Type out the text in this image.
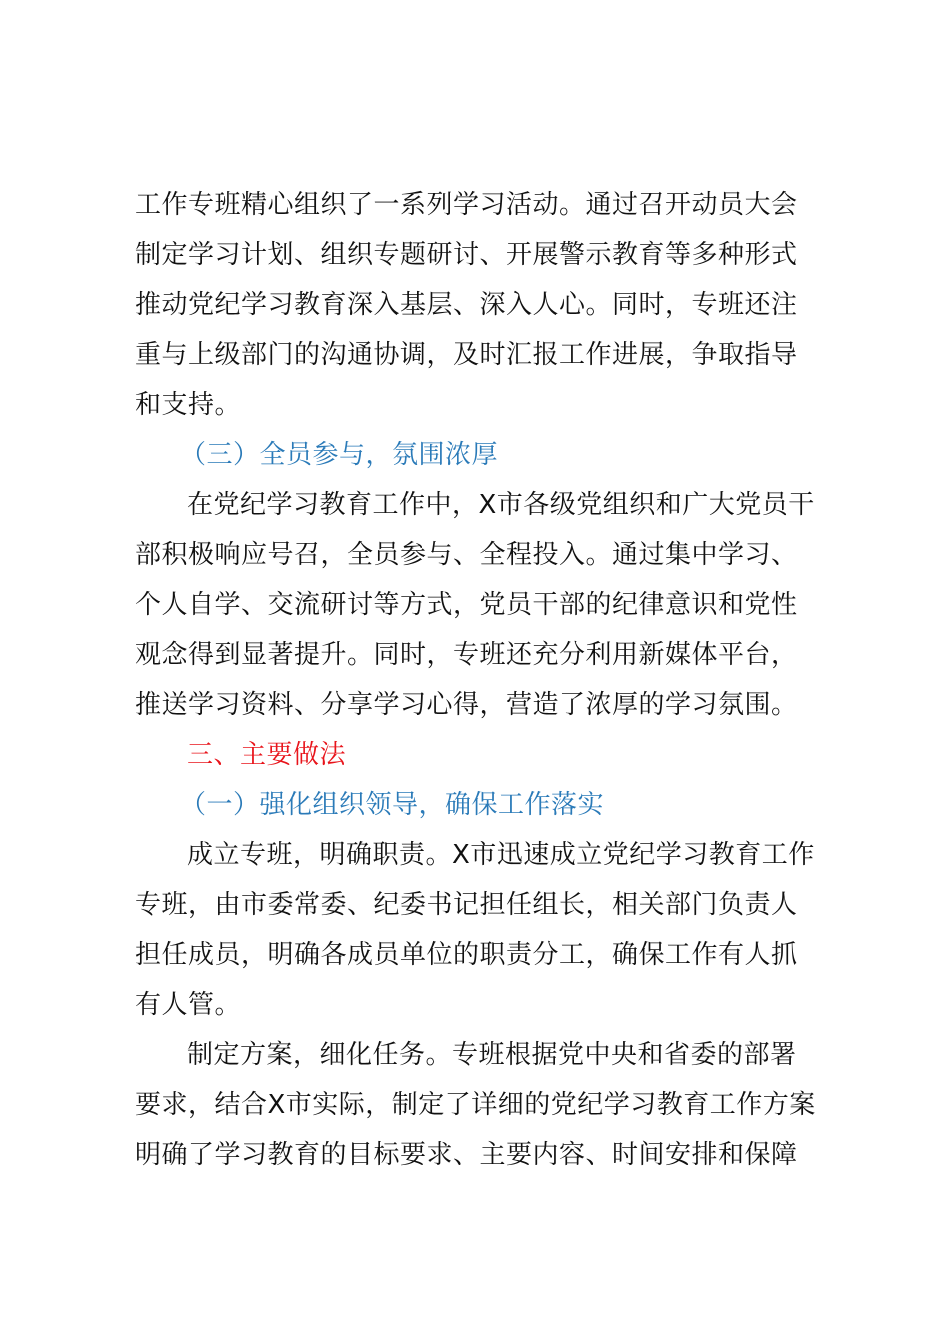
工作专班精心组织了一系列学习活动。通过召开动员大会
制定学习计划、组织专题研讨、开展警示教育等多种形式
推动党纪学习教育深入基层、深入人心。同时，专班还注
重与上级部门的沟通协调，及时汇报工作进展，争取指导
和支持。
（三）全员参与，氛围浓厚
在党纪学习教育工作中，X市各级党组织和广大党员干
部积极响应号召，全员参与、全程投入。通过集中学习、
个人自学、交流研讨等方式，党员干部的纪律意识和党性
观念得到显著提升。同时，专班还充分利用新媒体平台，
推送学习资料、分享学习心得，营造了浓厚的学习氛围。
三、主要做法
（一）强化组织领导，确保工作落实
成立专班，明确职责。X市迅速成立党纪学习教育工作
专班，由市委常委、纪委书记担任组长，相关部门负责人
担任成员，明确各成员单位的职责分工，确保工作有人抓
有人管。
制定方案，细化任务。专班根据党中央和省委的部署
要求，结合X市实际，制定了详细的党纪学习教育工作方案
明确了学习教育的目标要求、主要内容、时间安排和保障
